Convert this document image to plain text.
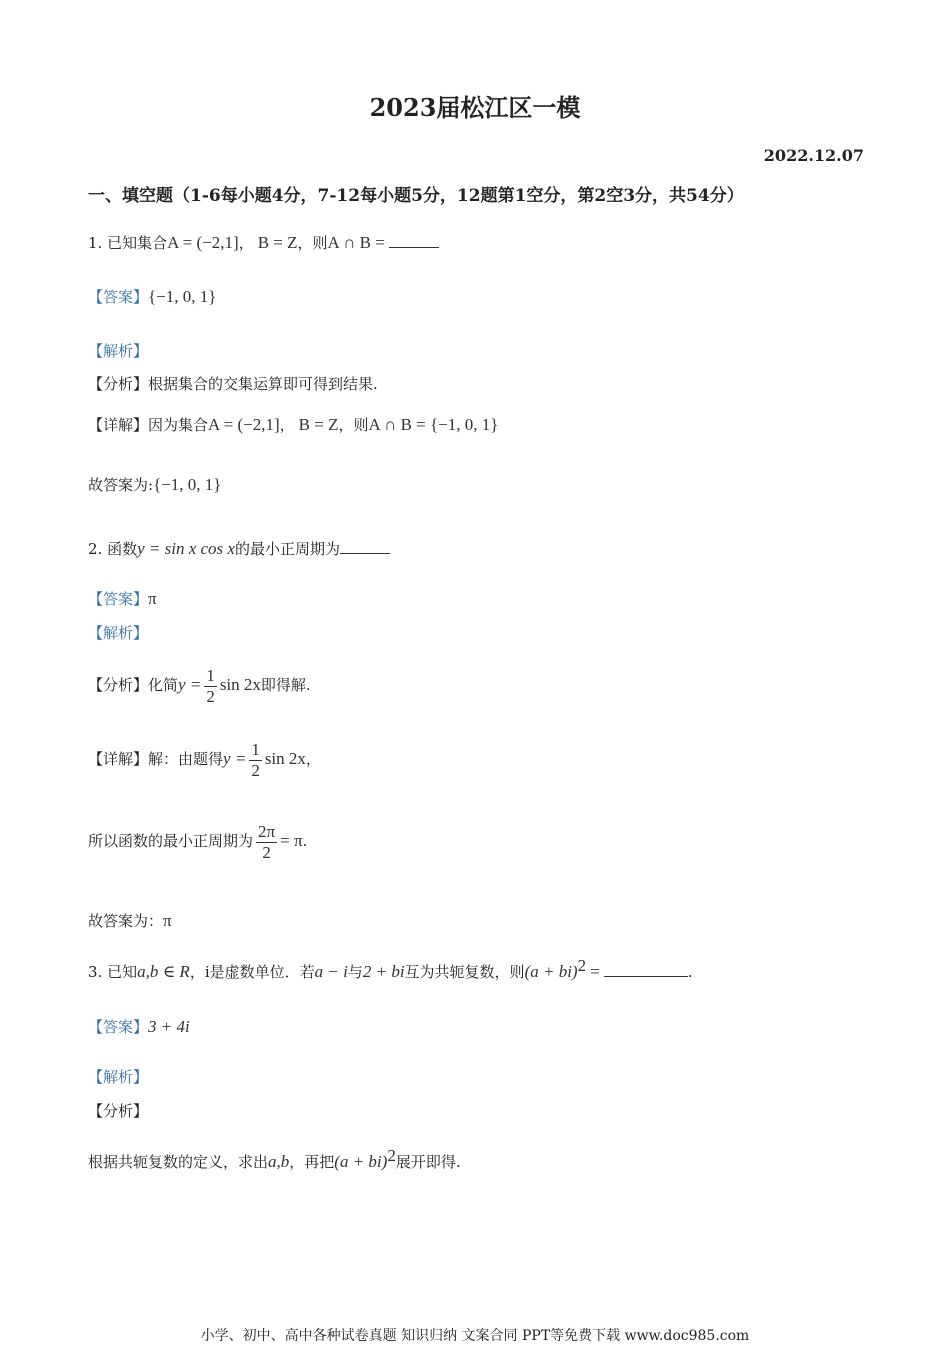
2023届松江区一模
2022.12.07
一、填空题（1-6每小题4分，7-12每小题5分，12题第1空分，第2空3分，共54分）
1. 已知集合A = (−2,1]， B = Z，则A ∩ B =
【答案】{−1, 0, 1}
【解析】
【分析】根据集合的交集运算即可得到结果.
【详解】因为集合A = (−2,1]， B = Z，则A ∩ B = {−1, 0, 1}
故答案为:{−1, 0, 1}
2. 函数y = sin x cos x的最小正周期为
【答案】π
【解析】
【分析】化简$y = \frac{1}{2}$ sin 2x即得解.
【详解】解：由题得$y = \frac{1}{2}$ sin 2x，
所以函数的最小正周期为 $\frac{2\pi}{2} = \pi$.
故答案为：π
3. 已知a,b ∈ R，i是虚数单位．若a − i与2 + bi互为共轭复数，则(a + bi)$^2$ =	.
【答案】3 + 4i
【解析】
【分析】
根据共轭复数的定义，求出a,b，再把(a + bi)$^2$展开即得.
小学、初中、高中各种试卷真题 知识归纳 文案合同 PPT等免费下载 www.doc985.com
